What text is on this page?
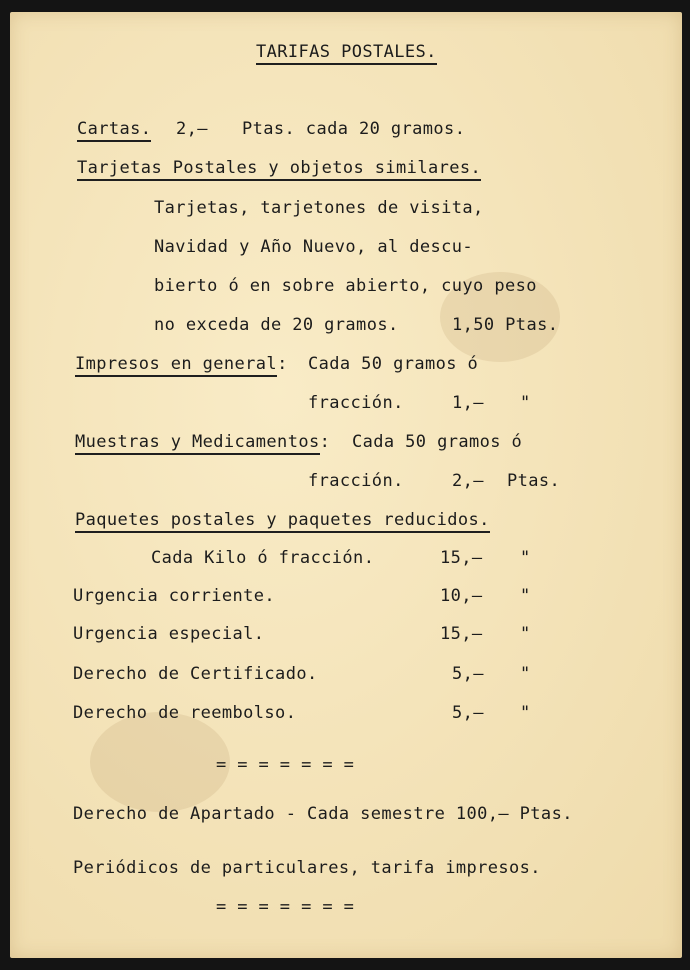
TARIFAS POSTALES.
Cartas. 2,— Ptas. cada 20 gramos.
Tarjetas Postales y objetos similares.
Tarjetas, tarjetones de visita,
Navidad y Año Nuevo, al descu-
bierto ó en sobre abierto, cuyo peso
no exceda de 20 gramos.	1,50 Ptas.
Impresos en general: Cada 50 gramos ó
fracción.	1,— "
Muestras y Medicamentos: Cada 50 gramos ó
fracción.	2,— Ptas.
Paquetes postales y paquetes reducidos.
Cada Kilo ó fracción.	15,— "
Urgencia corriente.	10,— "
Urgencia especial.	15,— "
Derecho de Certificado.	5,— "
Derecho de reembolso.	5,— "
= = = = = = =
Derecho de Apartado - Cada semestre 100,— Ptas.
Periódicos de particulares, tarifa impresos.
= = = = = = =
